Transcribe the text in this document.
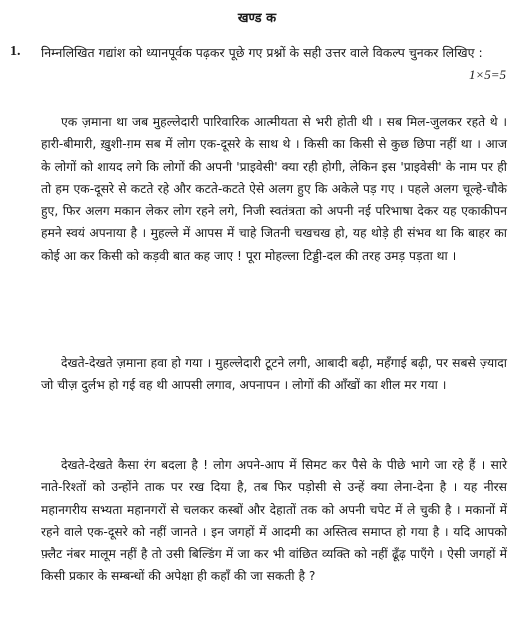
खण्ड क
1. निम्नलिखित गद्यांश को ध्यानपूर्वक पढ़कर पूछे गए प्रश्नों के सही उत्तर वाले विकल्प चुनकर लिखिए :
1×5=5

एक ज़माना था जब मुहल्लेदारी पारिवारिक आत्मीयता से भरी होती थी । सब मिल-जुलकर रहते थे । हारी-बीमारी, ख़ुशी-ग़म सब में लोग एक-दूसरे के साथ थे । किसी का किसी से कुछ छिपा नहीं था । आज के लोगों को शायद लगे कि लोगों की अपनी 'प्राइवेसी' क्या रही होगी, लेकिन इस 'प्राइवेसी' के नाम पर ही तो हम एक-दूसरे से कटते रहे और कटते-कटते ऐसे अलग हुए कि अकेले पड़ गए । पहले अलग चूल्हे-चौके हुए, फिर अलग मकान लेकर लोग रहने लगे, निजी स्वतंत्रता को अपनी नई परिभाषा देकर यह एकाकीपन हमने स्वयं अपनाया है । मुहल्ले में आपस में चाहे जितनी चखचख हो, यह थोड़े ही संभव था कि बाहर का कोई आ कर किसी को कड़वी बात कह जाए ! पूरा मोहल्ला टिड्डी-दल की तरह उमड़ पड़ता था ।

देखते-देखते ज़माना हवा हो गया । मुहल्लेदारी टूटने लगी, आबादी बढ़ी, महँगाई बढ़ी, पर सबसे ज़्यादा जो चीज़ दुर्लभ हो गई वह थी आपसी लगाव, अपनापन । लोगों की आँखों का शील मर गया ।

देखते-देखते कैसा रंग बदला है ! लोग अपने-आप में सिमट कर पैसे के पीछे भागे जा रहे हैं । सारे नाते-रिश्तों को उन्होंने ताक पर रख दिया है, तब फिर पड़ोसी से उन्हें क्या लेना-देना है । यह नीरस महानगरीय सभ्यता महानगरों से चलकर कस्बों और देहातों तक को अपनी चपेट में ले चुकी है । मकानों में रहने वाले एक-दूसरे को नहीं जानते । इन जगहों में आदमी का अस्तित्व समाप्त हो गया है । यदि आपको फ़्लैट नंबर मालूम नहीं है तो उसी बिल्डिंग में जा कर भी वांछित व्यक्ति को नहीं ढूँढ़ पाएँगे । ऐसी जगहों में किसी प्रकार के सम्बन्धों की अपेक्षा ही कहाँ की जा सकती है ?
